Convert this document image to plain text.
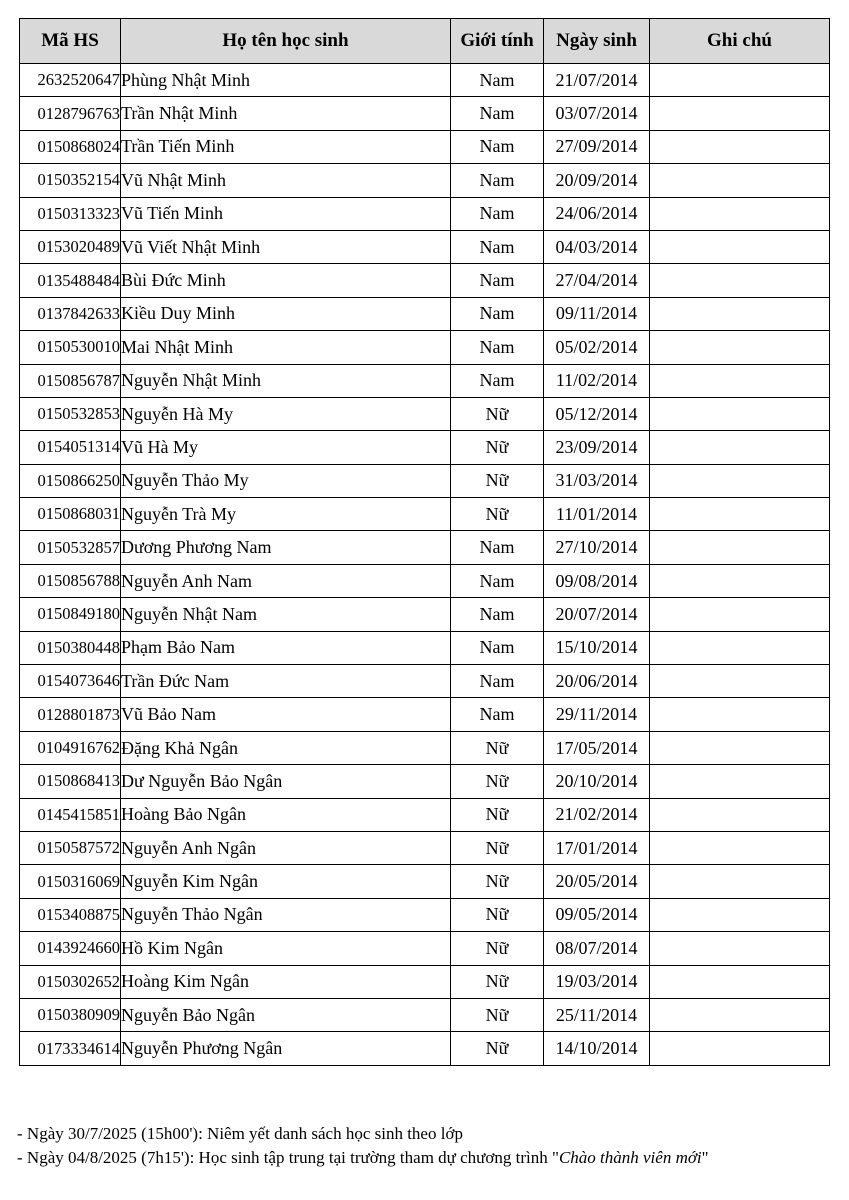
Mã HS	Họ tên học sinh	Giới tính	Ngày sinh	Ghi chú
2632520647	Phùng Nhật Minh	Nam	21/07/2014	
0128796763	Trần Nhật Minh	Nam	03/07/2014	
0150868024	Trần Tiến Minh	Nam	27/09/2014	
0150352154	Vũ Nhật Minh	Nam	20/09/2014	
0150313323	Vũ Tiến Minh	Nam	24/06/2014	
0153020489	Vũ Viết Nhật Minh	Nam	04/03/2014	
0135488484	Bùi Đức Minh	Nam	27/04/2014	
0137842633	Kiều Duy Minh	Nam	09/11/2014	
0150530010	Mai Nhật Minh	Nam	05/02/2014	
0150856787	Nguyễn Nhật Minh	Nam	11/02/2014	
0150532853	Nguyễn Hà My	Nữ	05/12/2014	
0154051314	Vũ Hà My	Nữ	23/09/2014	
0150866250	Nguyễn Thảo My	Nữ	31/03/2014	
0150868031	Nguyễn Trà My	Nữ	11/01/2014	
0150532857	Dương Phương Nam	Nam	27/10/2014	
0150856788	Nguyễn Anh Nam	Nam	09/08/2014	
0150849180	Nguyễn Nhật Nam	Nam	20/07/2014	
0150380448	Phạm Bảo Nam	Nam	15/10/2014	
0154073646	Trần Đức Nam	Nam	20/06/2014	
0128801873	Vũ Bảo Nam	Nam	29/11/2014	
0104916762	Đặng Khả Ngân	Nữ	17/05/2014	
0150868413	Dư Nguyễn Bảo Ngân	Nữ	20/10/2014	
0145415851	Hoàng Bảo Ngân	Nữ	21/02/2014	
0150587572	Nguyễn Anh Ngân	Nữ	17/01/2014	
0150316069	Nguyễn Kim Ngân	Nữ	20/05/2014	
0153408875	Nguyễn Thảo Ngân	Nữ	09/05/2014	
0143924660	Hồ Kim Ngân	Nữ	08/07/2014	
0150302652	Hoàng Kim Ngân	Nữ	19/03/2014	
0150380909	Nguyễn Bảo Ngân	Nữ	25/11/2014	
0173334614	Nguyễn Phương Ngân	Nữ	14/10/2014	
- Ngày 30/7/2025 (15h00'): Niêm yết danh sách học sinh theo lớp
- Ngày 04/8/2025 (7h15'): Học sinh tập trung tại trường tham dự chương trình "Chào thành viên mới"
